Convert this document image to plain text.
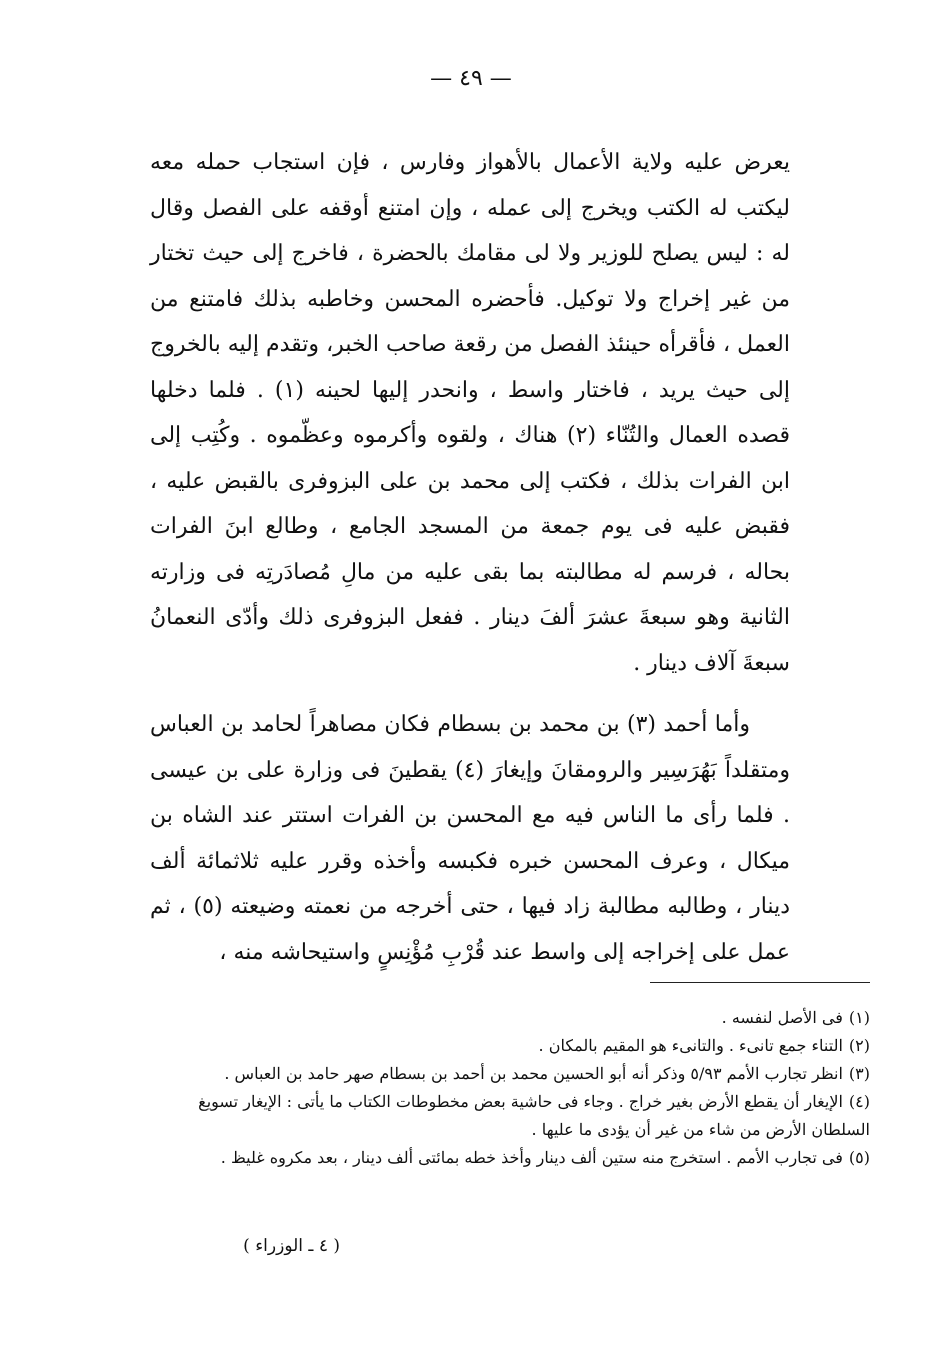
— ٤٩ —

يعرض عليه ولاية الأعمال بالأهواز وفارس ، فإن استجاب حمله معه ليكتب له الكتب ويخرج إلى عمله ، وإن امتنع أوقفه على الفصل وقال له : ليس يصلح للوزير ولا لى مقامك بالحضرة ، فاخرج إلى حيث تختار من غير إخراج ولا توكيل. فأحضره المحسن وخاطبه بذلك فامتنع من العمل ، فأقرأه حينئذ الفصل من رقعة صاحب الخبر، وتقدم إليه بالخروج إلى حيث يريد ، فاختار واسط ، وانحدر إليها لحينه (١) . فلما دخلها قصده العمال والتُنّاء (٢) هناك ، ولقوه وأكرموه وعظّموه . وكُتِب إلى ابن الفرات بذلك ، فكتب إلى محمد بن على البزوفرى بالقبض عليه ، فقبض عليه فى يوم جمعة من المسجد الجامع ، وطالع ابنَ الفرات بحاله ، فرسم له مطالبته بما بقى عليه من مالِ مُصادَرتِه فى وزارته الثانية وهو سبعةَ عشرَ ألفَ دينار . ففعل البزوفرى ذلك وأدّى النعمانُ سبعةَ آلاف دينار .

وأما أحمد (٣) بن محمد بن بسطام فكان مصاهراً لحامد بن العباس ومتقلداً بَهُرَسِير والرومقانَ وإيغارَ (٤) يقطينَ فى وزارة على بن عيسى . فلما رأى ما الناس فيه مع المحسن بن الفرات استتر عند الشاه بن ميكال ، وعرف المحسن خبره فكبسه وأخذه وقرر عليه ثلاثمائة ألف دينار ، وطالبه مطالبة زاد فيها ، حتى أخرجه من نعمته وضيعته (٥) ، ثم عمل على إخراجه إلى واسط عند قُرْبِ مُؤْنِسٍ واستيحاشه منه ،

(١)فى الأصل لنفسه .

(٢)التناء جمع تانىء . والتانىء هو المقيم بالمكان .

(٣)انظر تجارب الأمم ٥/٩٣ وذكر أنه أبو الحسين محمد بن أحمد بن بسطام صهر حامد بن العباس .

(٤)الإيغار أن يقطع الأرض بغير خراج . وجاء فى حاشية بعض مخطوطات الكتاب ما يأتى : الإيغار تسويغ السلطان الأرض من شاء من غير أن يؤدى ما عليها .

(٥)فى تجارب الأمم . استخرج منه ستين ألف دينار وأخذ خطه بمائتى ألف دينار ، بعد مكروه غليظ .

( ٤ ـ الوزراء )
